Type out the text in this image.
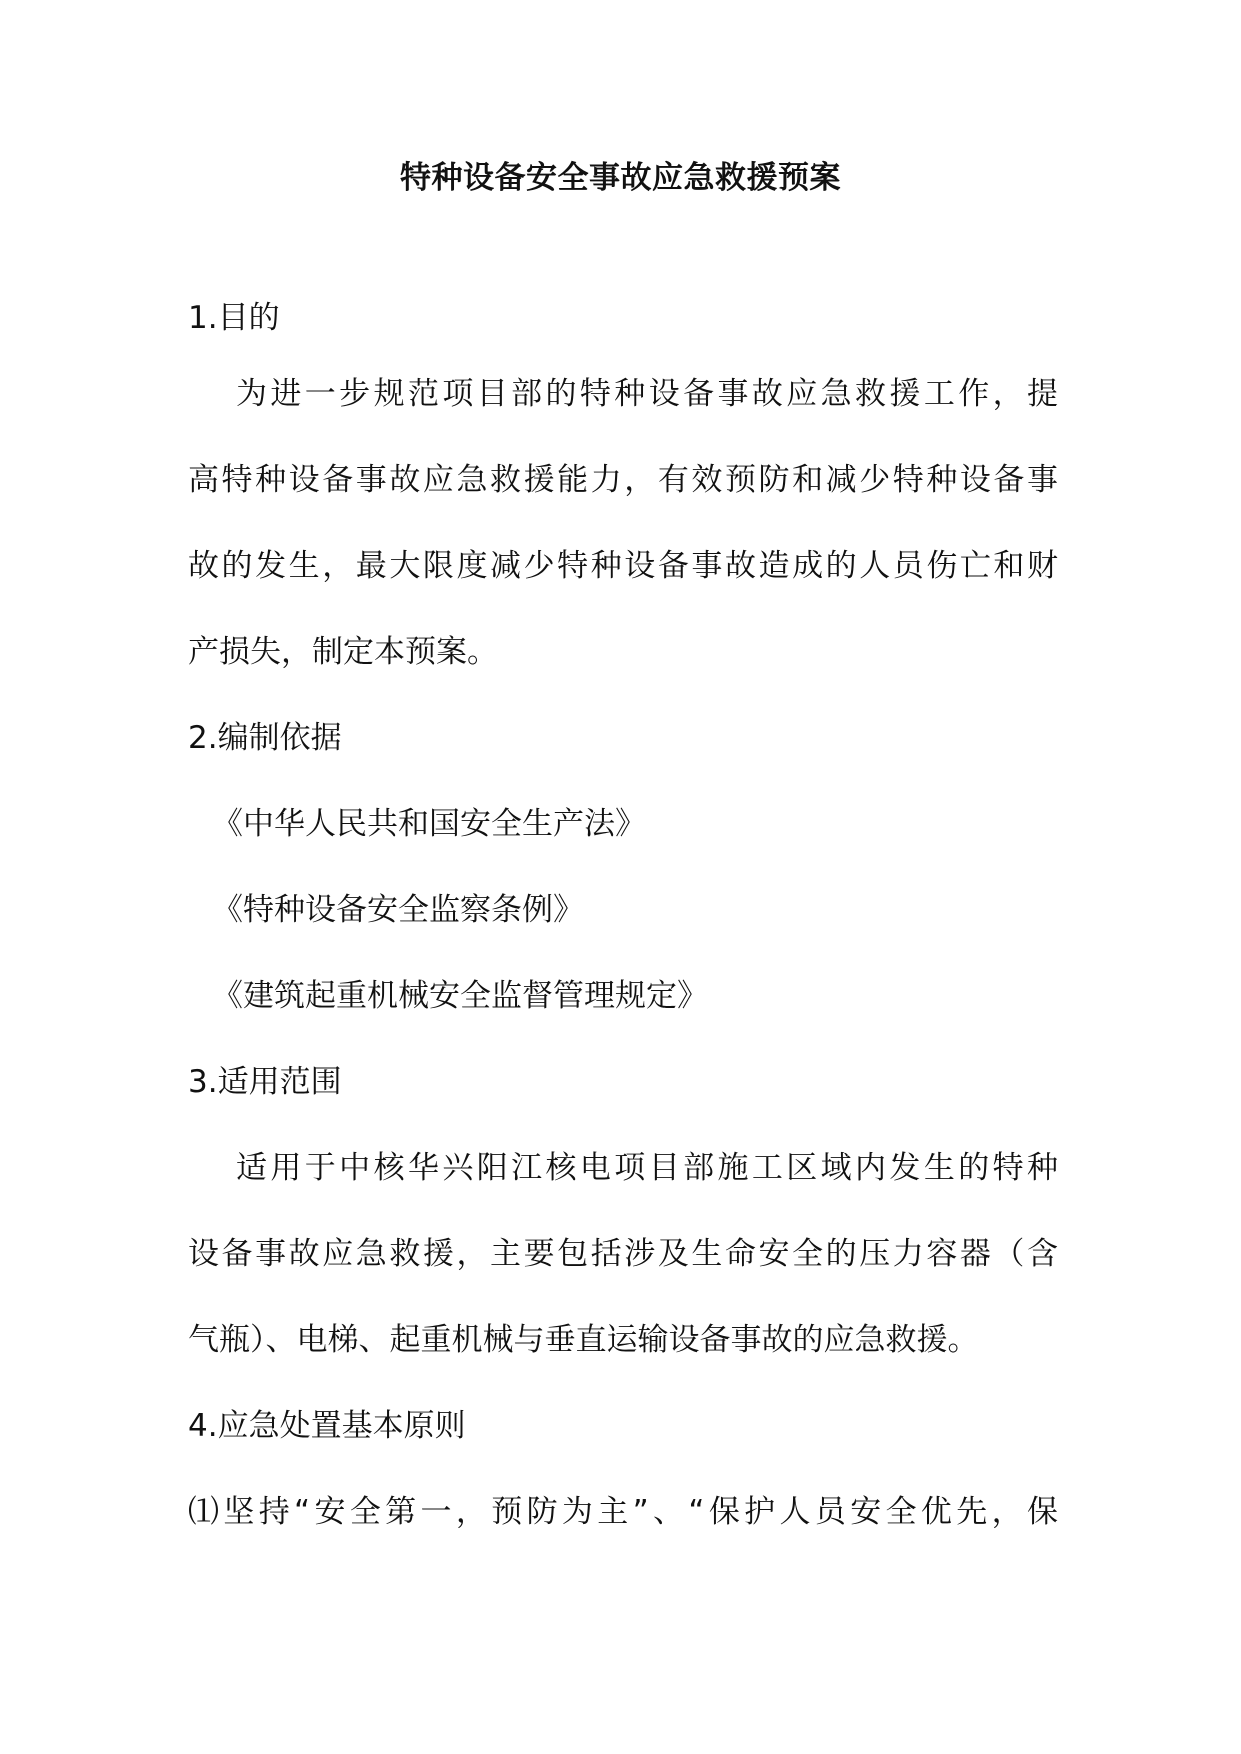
特种设备安全事故应急救援预案
1.目的
为进一步规范项目部的特种设备事故应急救援工作，提
高特种设备事故应急救援能力，有效预防和减少特种设备事
故的发生，最大限度减少特种设备事故造成的人员伤亡和财
产损失，制定本预案。
2.编制依据
《中华人民共和国安全生产法》
《特种设备安全监察条例》
《建筑起重机械安全监督管理规定》
3.适用范围
适用于中核华兴阳江核电项目部施工区域内发生的特种
设备事故应急救援，主要包括涉及生命安全的压力容器（含
气瓶）、电梯、起重机械与垂直运输设备事故的应急救援。
4.应急处置基本原则
⑴坚持“安全第一，预防为主”、“保护人员安全优先，保
